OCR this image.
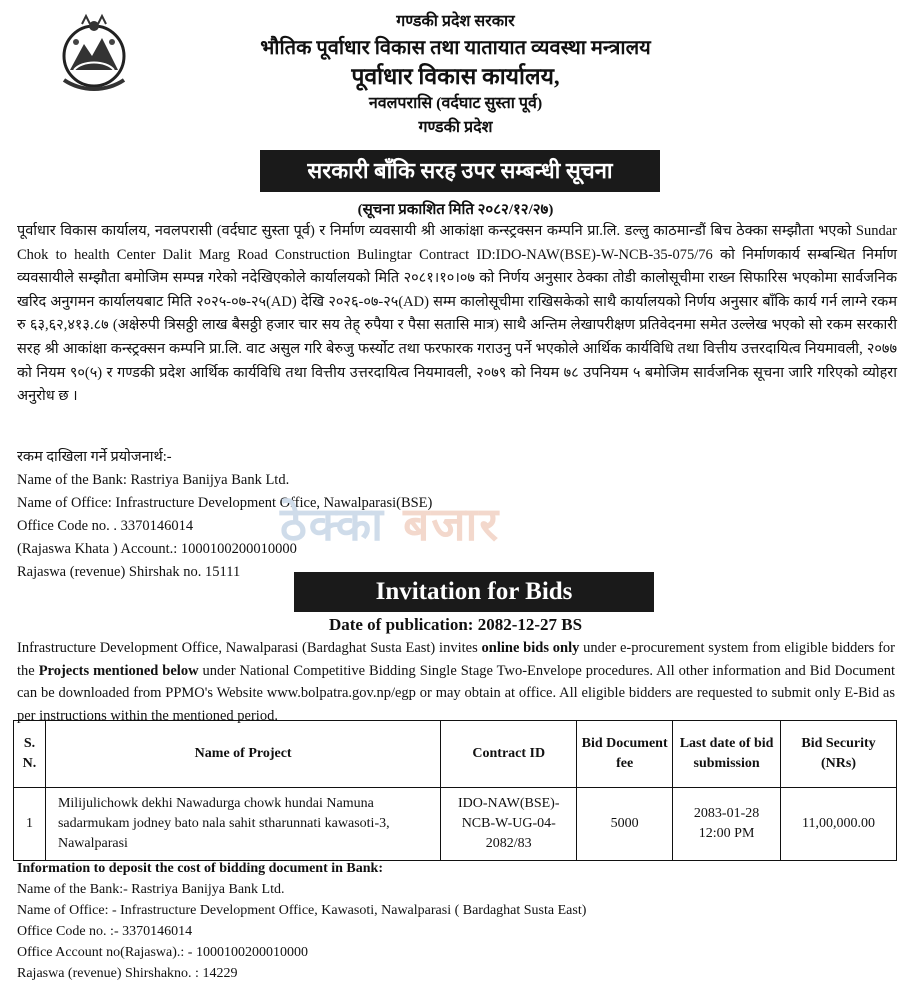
गण्डकी प्रदेश सरकार
भौतिक पूर्वाधार विकास तथा यातायात व्यवस्था मन्त्रालय
पूर्वाधार विकास कार्यालय,
नवलपरासि (वर्दघाट सुस्ता पूर्व)
गण्डकी प्रदेश
सरकारी बाँकि सरह उपर सम्बन्धी सूचना
(सूचना प्रकाशित मिति २०८२/१२/२७)
पूर्वाधार विकास कार्यालय, नवलपरासी (वर्दघाट सुस्ता पूर्व) र निर्माण व्यवसायी श्री आकांक्षा कन्स्ट्रक्सन कम्पनि प्रा.लि. डल्लु काठमान्डौं बिच ठेक्का सम्झौता भएको Sundar Chok to health Center Dalit Marg Road Construction Bulingtar Contract ID:IDO-NAW(BSE)-W-NCB-35-075/76 को निर्माणकार्य सम्बन्धित निर्माण व्यवसायीले सम्झौता बमोजिम सम्पन्न गरेको नदेखिएकोले कार्यालयको मिति २०८१।१०।०७ को निर्णय अनुसार ठेक्का तोडी कालोसूचीमा राख्न सिफारिस भएकोमा सार्वजनिक खरिद अनुगमन कार्यालयबाट मिति २०२५-०७-२५(AD) देखि २०२६-०७-२५(AD) सम्म कालोसूचीमा राखिसकेको साथै कार्यालयको निर्णय अनुसार बाँकि कार्य गर्न लाग्ने रकम रु ६३,६२,४१३.८७ (अक्षेरुपी त्रिसठ्ठी लाख बैसठ्ठी हजार चार सय तेह् रुपैया र पैसा सतासि मात्र) साथै अन्तिम लेखापरीक्षण प्रतिवेदनमा समेत उल्लेख भएको सो रकम सरकारी सरह श्री आकांक्षा कन्स्ट्रक्सन कम्पनि प्रा.लि. वाट असुल गरि बेरुजु फर्स्योट तथा फरफारक गराउनु पर्ने भएकोले आर्थिक कार्यविधि तथा वित्तीय उत्तरदायित्व नियमावली, २०७७ को नियम ९०(५) र गण्डकी प्रदेश आर्थिक कार्यविधि तथा वित्तीय उत्तरदायित्व नियमावली, २०७९ को नियम ७८ उपनियम ५ बमोजिम सार्वजनिक सूचना जारि गरिएको व्योहरा अनुरोध छ ।
रकम दाखिला गर्ने प्रयोजनार्थ:-
Name of the Bank: Rastriya Banijya Bank Ltd.
Name of Office: Infrastructure Development Office, Nawalparasi(BSE)
Office Code no. . 3370146014
(Rajaswa Khata ) Account.: 1000100200010000
Rajaswa (revenue) Shirshak no. 15111
ठेक्का बजार
Invitation for Bids
Date of publication: 2082-12-27 BS
Infrastructure Development Office, Nawalparasi (Bardaghat Susta East) invites online bids only under e-procurement system from eligible bidders for the Projects mentioned below under National Competitive Bidding Single Stage Two-Envelope procedures. All other information and Bid Document can be downloaded from PPMO's Website www.bolpatra.gov.np/egp or may obtain at office. All eligible bidders are requested to submit only E-Bid as per instructions within the mentioned period.
S. N.	Name of Project	Contract ID	Bid Document fee	Last date of bid submission	Bid Security (NRs)
1	Milijulichowk dekhi Nawadurga chowk hundai Namuna sadarmukam jodney bato nala sahit stharunnati kawasoti-3, Nawalparasi	IDO-NAW(BSE)-NCB-W-UG-04-2082/83	5000	2083-01-28 12:00 PM	11,00,000.00
Information to deposit the cost of bidding document in Bank:
Name of the Bank:- Rastriya Banijya Bank Ltd.
Name of Office: - Infrastructure Development Office, Kawasoti, Nawalparasi ( Bardaghat Susta East)
Office Code no. :- 3370146014
Office Account no(Rajaswa).: - 1000100200010000
Rajaswa (revenue) Shirshakno. : 14229
